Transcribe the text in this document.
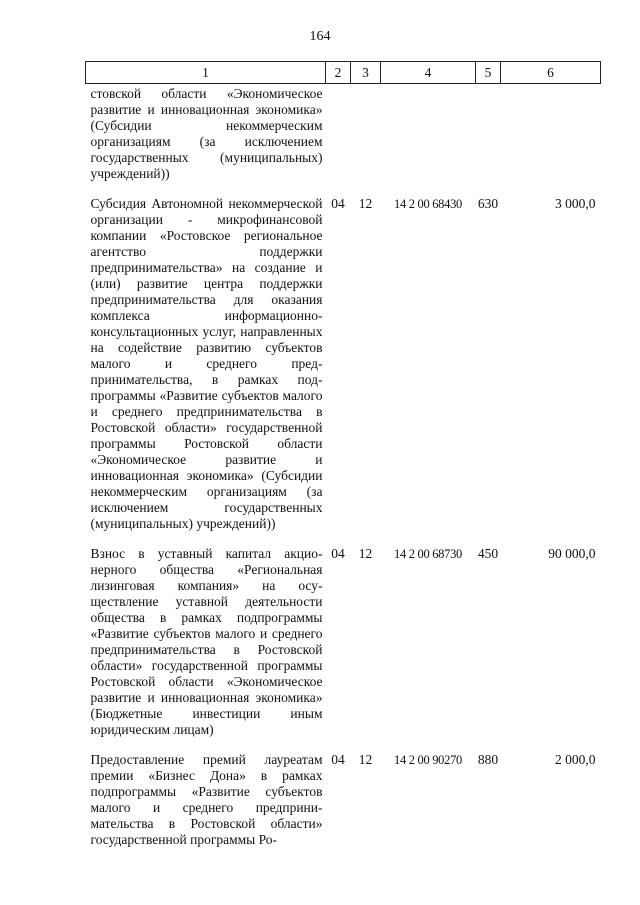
164
1	2	3	4	5	6
стовской области «Экономическое развитие и инновационная экономика» (Субсидии некоммерческим организациям (за исключением государственных (муниципальных) учреждений))					

Субсидия Автономной некоммерческой организации - микрофинансовой компании «Ростовское региональное агентство поддержки предпринимательства» на создание и (или) развитие центра поддержки предпринимательства для оказания комплекса информационно-консультационных услуг, направленных на содействие развитию субъектов малого и среднего предпринимательства, в рамках подпрограммы «Развитие субъектов малого и среднего предпринимательства в Ростовской области» государственной программы Ростовской области «Экономическое развитие и инновационная экономика» (Субсидии некоммерческим организациям (за исключением государственных (муниципальных) учреждений))	04	12	14 2 00 68430	630	3 000,0

Взнос в уставный капитал акционерного общества «Региональная лизинговая компания» на осуществление уставной деятельности общества в рамках подпрограммы «Развитие субъектов малого и среднего предпринимательства в Ростовской области» государственной программы Ростовской области «Экономическое развитие и инновационная экономика» (Бюджетные инвестиции иным юридическим лицам)	04	12	14 2 00 68730	450	90 000,0

Предоставление премий лауреатам премии «Бизнес Дона» в рамках подпрограммы «Развитие субъектов малого и среднего предпринимательства в Ростовской области» государственной программы Ро-	04	12	14 2 00 90270	880	2 000,0
